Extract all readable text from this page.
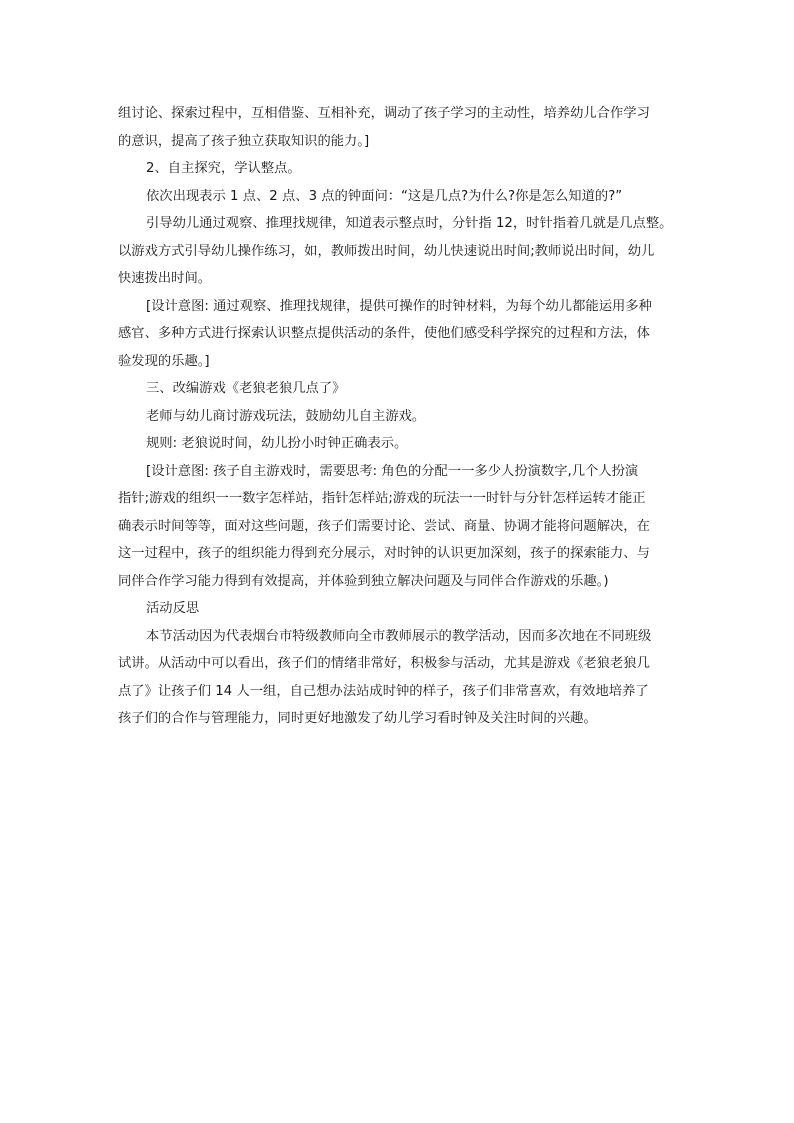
组讨论、探索过程中，互相借鉴、互相补充，调动了孩子学习的主动性，培养幼儿合作学习
的意识，提高了孩子独立获取知识的能力。]
2、自主探究，学认整点。
依次出现表示 1 点、2 点、3 点的钟面问：“这是几点?为什么?你是怎么知道的?”
引导幼儿通过观察、推理找规律，知道表示整点时，分针指 12，时针指着几就是几点整。
以游戏方式引导幼儿操作练习，如，教师拨出时间，幼儿快速说出时间;教师说出时间，幼儿
快速拨出时间。
[设计意图: 通过观察、推理找规律，提供可操作的时钟材料，为每个幼儿都能运用多种
感官、多种方式进行探索认识整点提供活动的条件，使他们感受科学探究的过程和方法，体
验发现的乐趣。]
三、改编游戏《老狼老狼几点了》
老师与幼儿商讨游戏玩法，鼓励幼儿自主游戏。
规则: 老狼说时间，幼儿扮小时钟正确表示。
[设计意图: 孩子自主游戏时，需要思考: 角色的分配一一多少人扮演数字,几个人扮演
指针;游戏的组织一一数字怎样站，指针怎样站;游戏的玩法一一时针与分针怎样运转才能正
确表示时间等等，面对这些问题，孩子们需要讨论、尝试、商量、协调才能将问题解决，在
这一过程中，孩子的组织能力得到充分展示，对时钟的认识更加深刻，孩子的探索能力、与
同伴合作学习能力得到有效提高，并体验到独立解决问题及与同伴合作游戏的乐趣。)
活动反思
本节活动因为代表烟台市特级教师向全市教师展示的教学活动，因而多次地在不同班级
试讲。从活动中可以看出，孩子们的情绪非常好，积极参与活动，尤其是游戏《老狼老狼几
点了》让孩子们 14 人一组，自己想办法站成时钟的样子，孩子们非常喜欢，有效地培养了
孩子们的合作与管理能力，同时更好地激发了幼儿学习看时钟及关注时间的兴趣。
